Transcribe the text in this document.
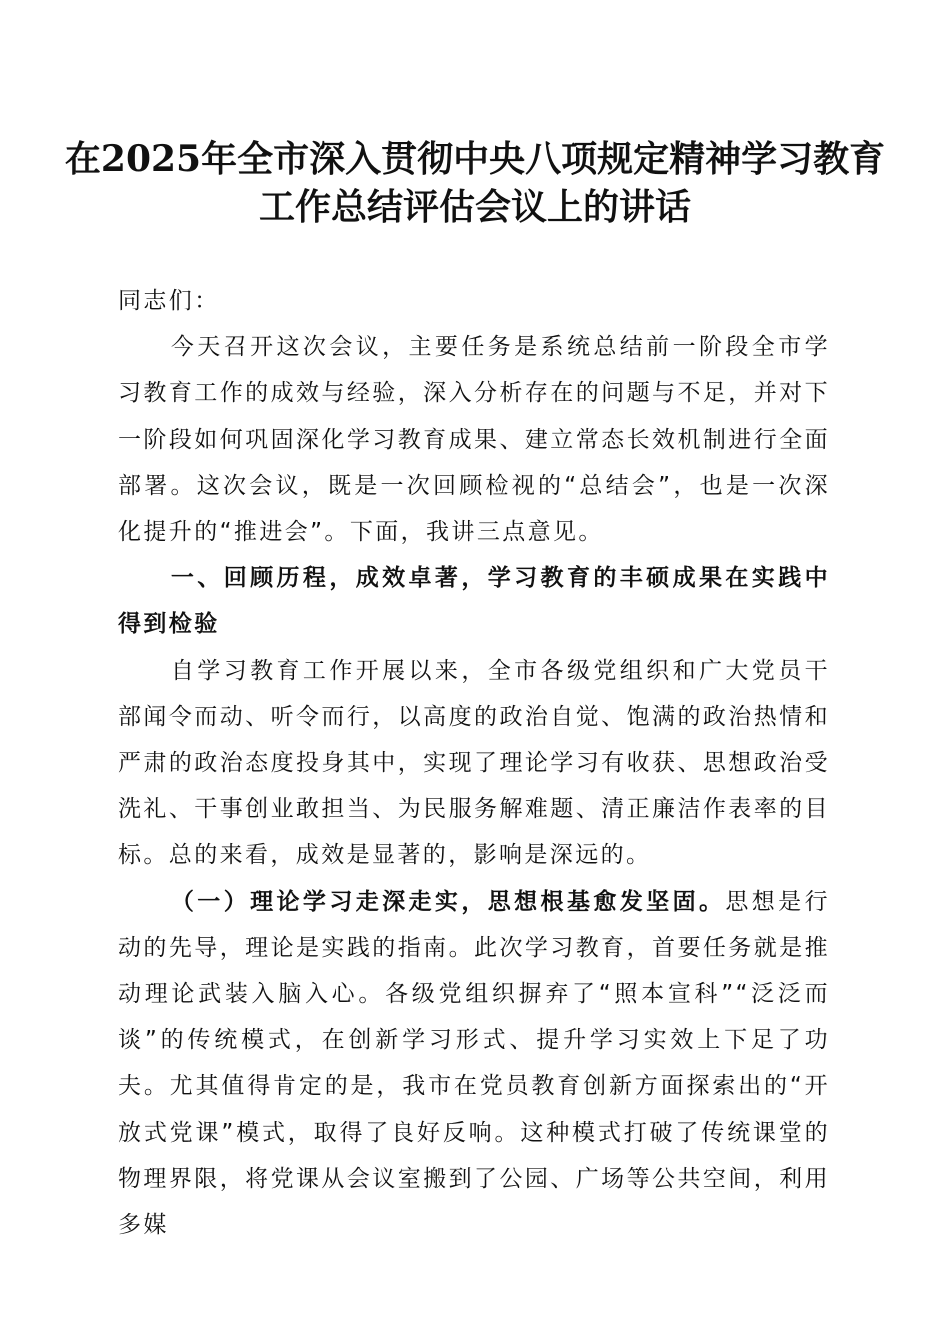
在2025年全市深入贯彻中央八项规定精神学习教育工作总结评估会议上的讲话

同志们：

今天召开这次会议，主要任务是系统总结前一阶段全市学习教育工作的成效与经验，深入分析存在的问题与不足，并对下一阶段如何巩固深化学习教育成果、建立常态长效机制进行全面部署。这次会议，既是一次回顾检视的“总结会”，也是一次深化提升的“推进会”。下面，我讲三点意见。

一、回顾历程，成效卓著，学习教育的丰硕成果在实践中得到检验

自学习教育工作开展以来，全市各级党组织和广大党员干部闻令而动、听令而行，以高度的政治自觉、饱满的政治热情和严肃的政治态度投身其中，实现了理论学习有收获、思想政治受洗礼、干事创业敢担当、为民服务解难题、清正廉洁作表率的目标。总的来看，成效是显著的，影响是深远的。

（一）理论学习走深走实，思想根基愈发坚固。思想是行动的先导，理论是实践的指南。此次学习教育，首要任务就是推动理论武装入脑入心。各级党组织摒弃了“照本宣科”“泛泛而谈”的传统模式，在创新学习形式、提升学习实效上下足了功夫。尤其值得肯定的是，我市在党员教育创新方面探索出的“开放式党课”模式，取得了良好反响。这种模式打破了传统课堂的物理界限，将党课从会议室搬到了公园、广场等公共空间，利用多媒
